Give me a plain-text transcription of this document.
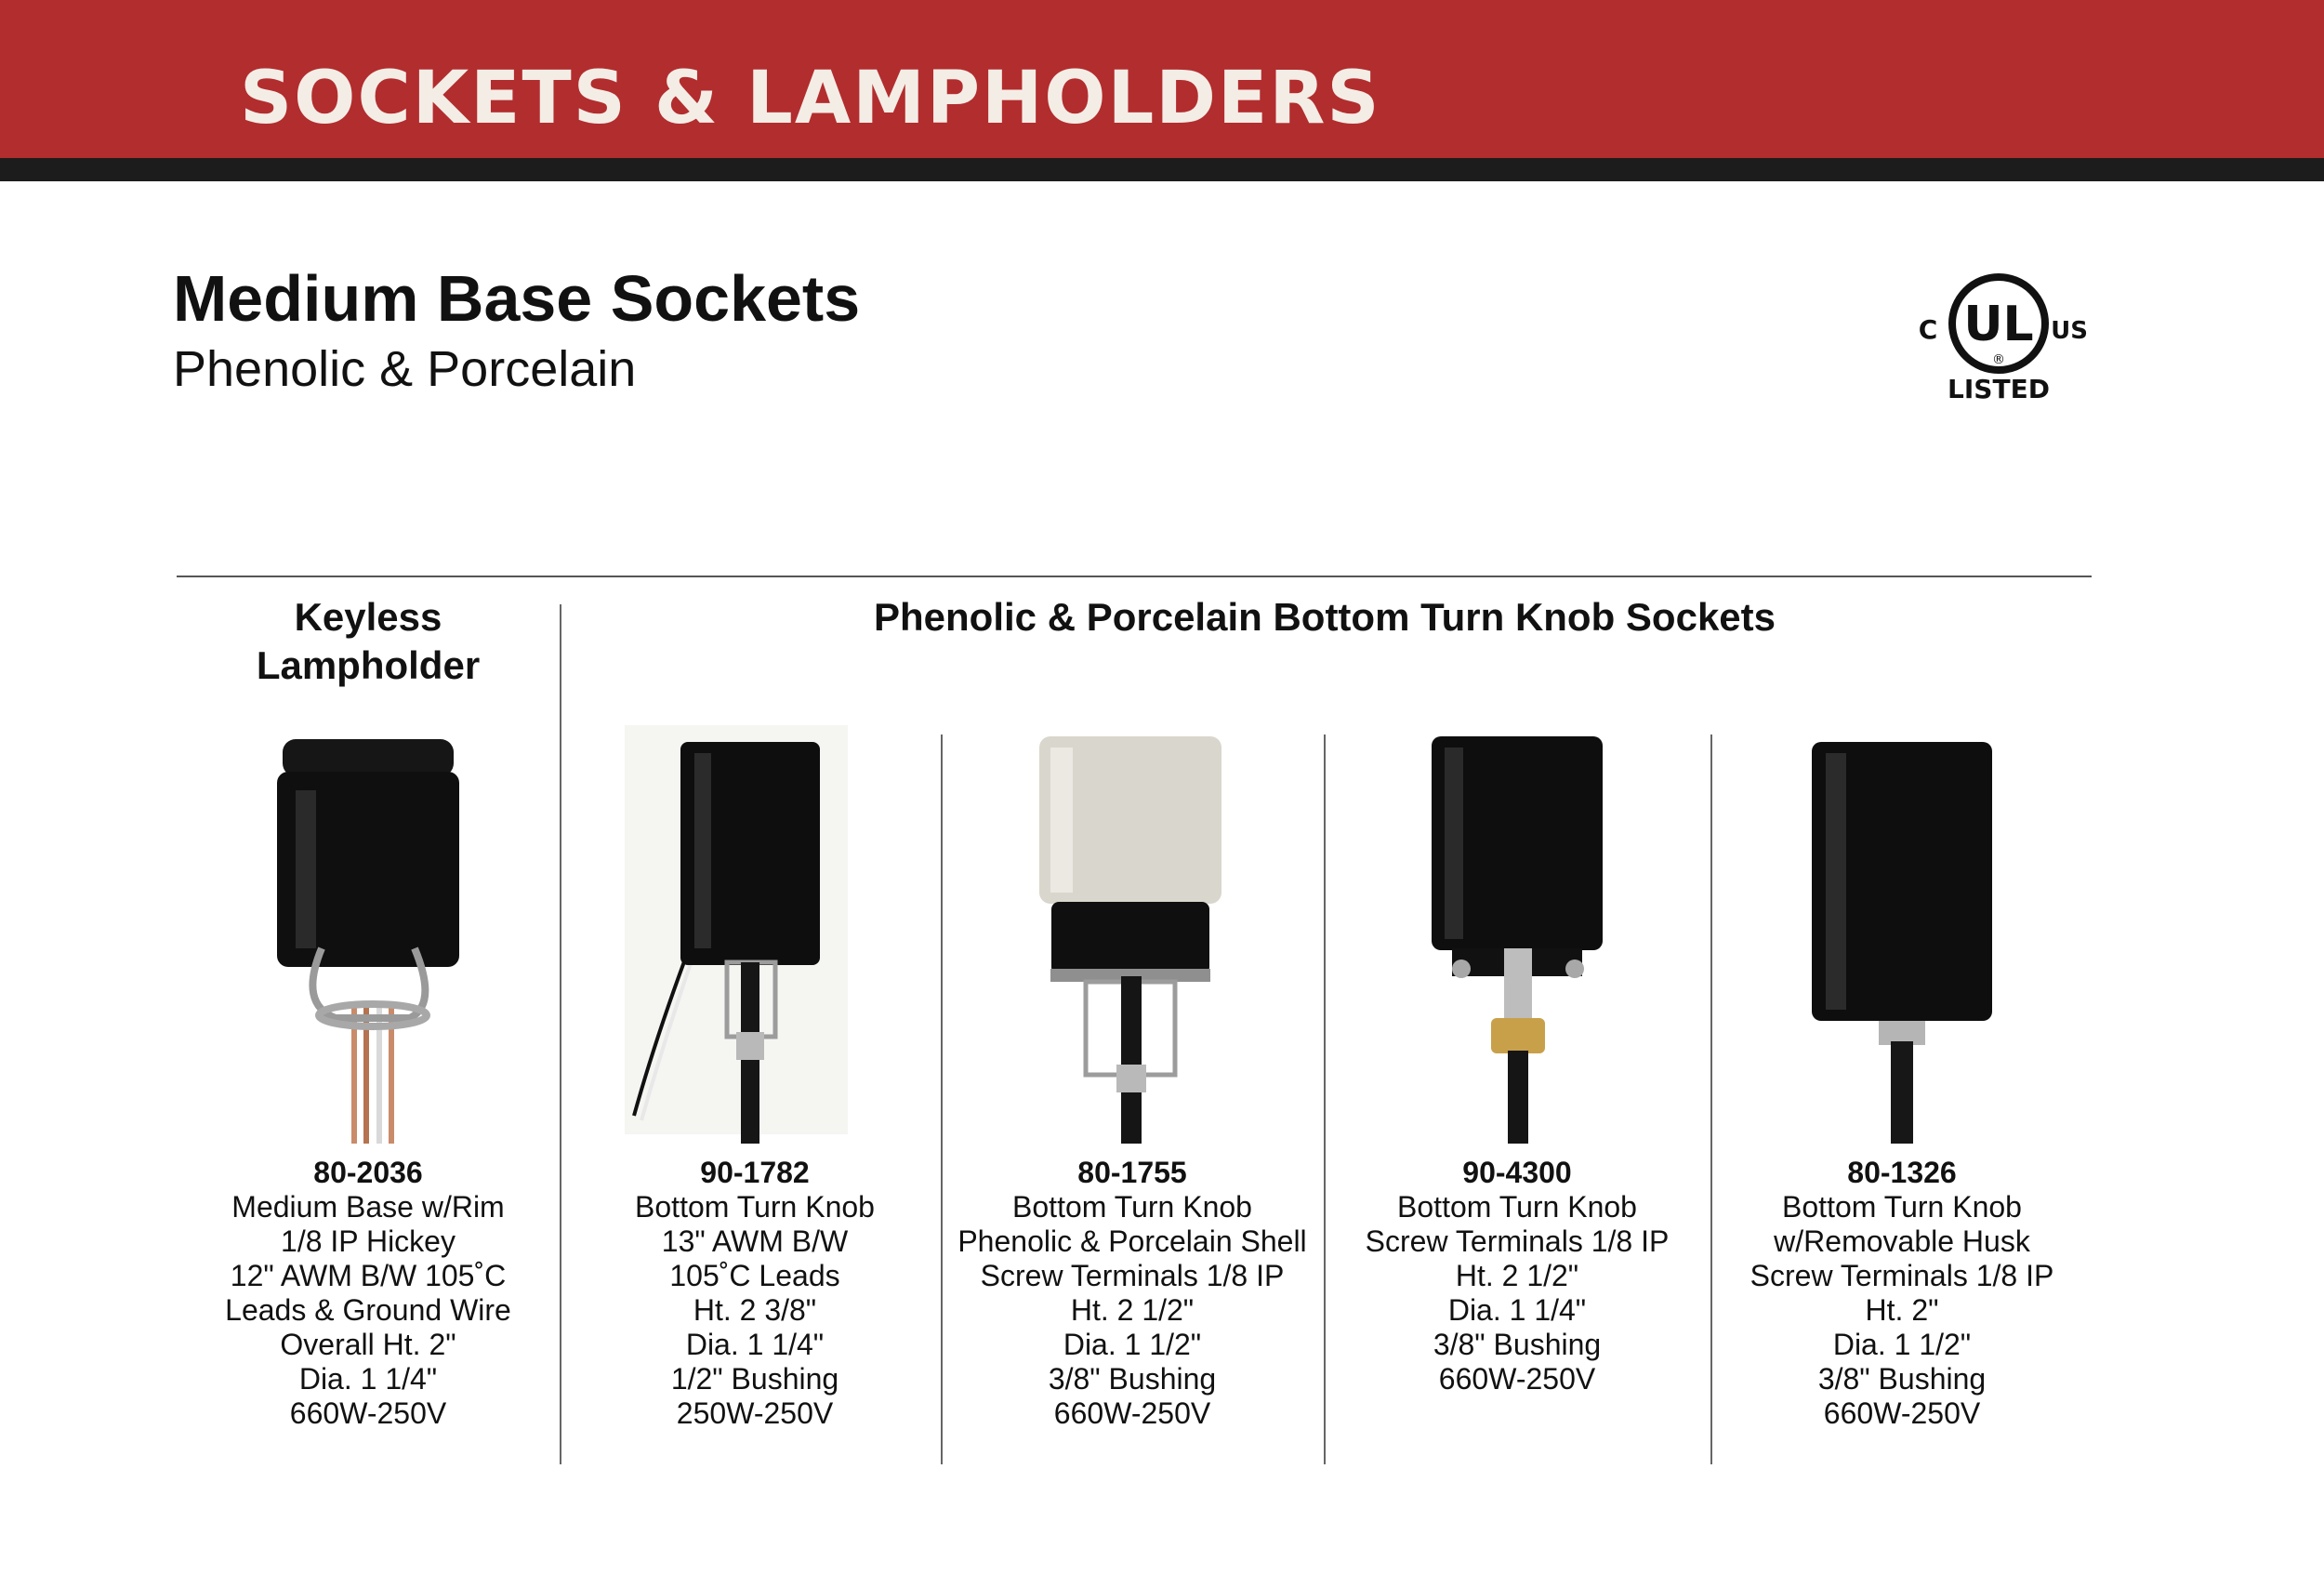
SOCKETS & LAMPHOLDERS
Medium Base Sockets
Phenolic & Porcelain
UL
®
C	US
LISTED
Keyless
Lampholder
Phenolic & Porcelain Bottom Turn Knob Sockets
80-2036
Medium Base w/Rim
1/8 IP Hickey
12" AWM B/W 105˚C
Leads & Ground Wire
Overall Ht. 2"
Dia. 1 1/4"
660W-250V
90-1782
Bottom Turn Knob
13" AWM B/W
105˚C Leads
Ht. 2 3/8"
Dia. 1 1/4"
1/2" Bushing
250W-250V
80-1755
Bottom Turn Knob
Phenolic & Porcelain Shell
Screw Terminals 1/8 IP
Ht. 2 1/2"
Dia. 1 1/2"
3/8" Bushing
660W-250V
90-4300
Bottom Turn Knob
Screw Terminals 1/8 IP
Ht. 2 1/2"
Dia. 1 1/4"
3/8" Bushing
660W-250V
80-1326
Bottom Turn Knob
w/Removable Husk
Screw Terminals 1/8 IP
Ht. 2"
Dia. 1 1/2"
3/8" Bushing
660W-250V
